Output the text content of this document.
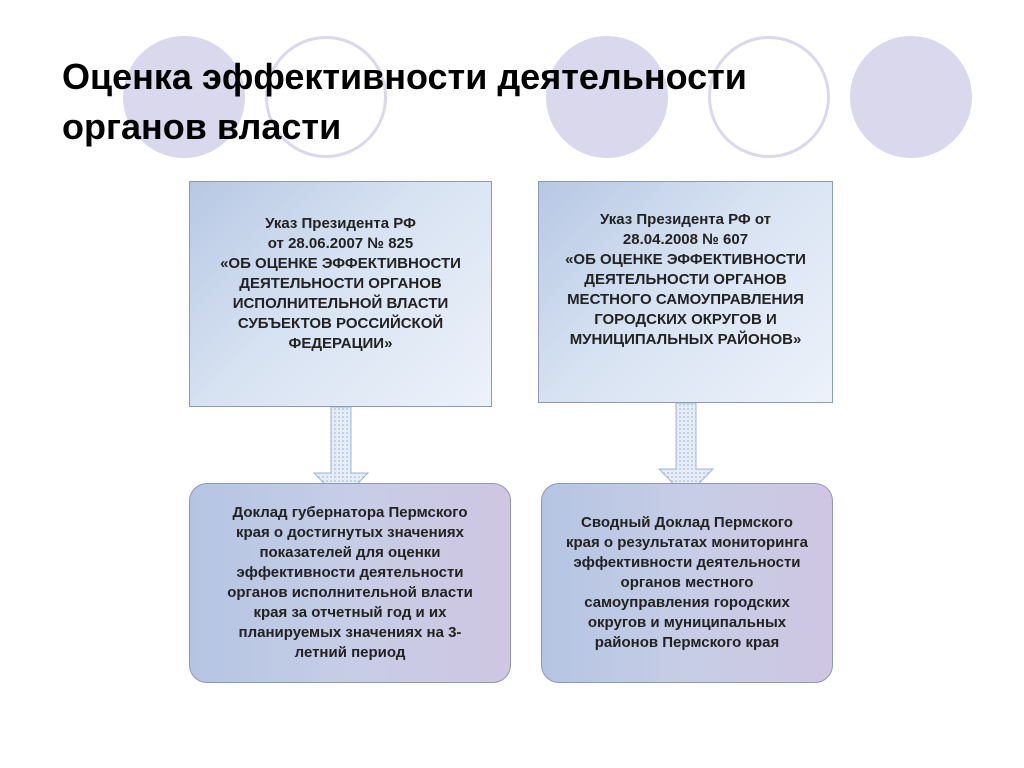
Оценка эффективности деятельности
органов власти
Указ Президента РФ
от 28.06.2007 № 825
«ОБ ОЦЕНКЕ ЭФФЕКТИВНОСТИ
ДЕЯТЕЛЬНОСТИ ОРГАНОВ
ИСПОЛНИТЕЛЬНОЙ ВЛАСТИ
СУБЪЕКТОВ РОССИЙСКОЙ
ФЕДЕРАЦИИ»
Указ Президента РФ от
28.04.2008 № 607
«ОБ ОЦЕНКЕ ЭФФЕКТИВНОСТИ
ДЕЯТЕЛЬНОСТИ ОРГАНОВ
МЕСТНОГО САМОУПРАВЛЕНИЯ
ГОРОДСКИХ ОКРУГОВ И
МУНИЦИПАЛЬНЫХ РАЙОНОВ»
Доклад губернатора Пермского
края о достигнутых значениях
показателей для оценки
эффективности деятельности
органов исполнительной власти
края за отчетный год и их
планируемых значениях на 3-
летний период
Сводный Доклад Пермского
края о результатах мониторинга
эффективности деятельности
органов местного
самоуправления городских
округов и муниципальных
районов Пермского края
